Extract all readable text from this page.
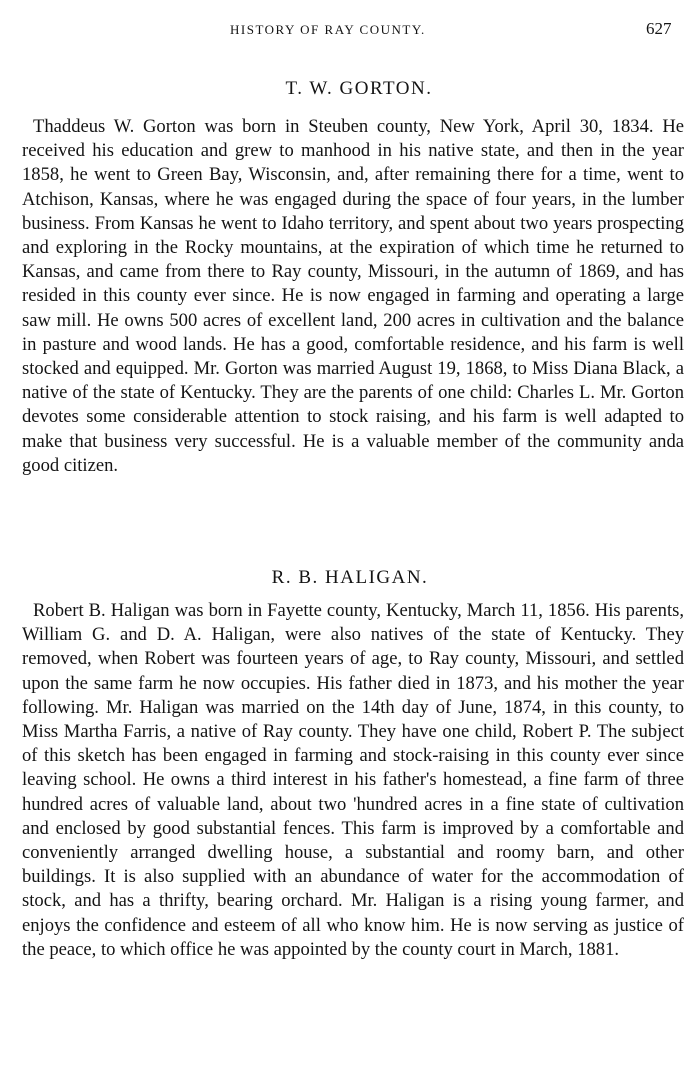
HISTORY OF RAY COUNTY.	627
T. W. GORTON.

Thaddeus W. Gorton was born in Steuben county, New York, April 30, 1834. He received his education and grew to manhood in his native state, and then in the year 1858, he went to Green Bay, Wisconsin, and, after remaining there for a time, went to Atchison, Kansas, where he was engaged during the space of four years, in the lumber business. From Kansas he went to Idaho territory, and spent about two years prospecting and exploring in the Rocky mountains, at the expiration of which time he returned to Kansas, and came from there to Ray county, Missouri, in the autumn of 1869, and has resided in this county ever since. He is now engaged in farming and operating a large saw mill. He owns 500 acres of excellent land, 200 acres in cultivation and the balance in pasture and wood lands. He has a good, comfortable residence, and his farm is well stocked and equipped. Mr. Gorton was married August 19, 1868, to Miss Diana Black, a native of the state of Kentucky. They are the parents of one child: Charles L. Mr. Gorton devotes some considerable attention to stock raising, and his farm is well adapted to make that business very successful. He is a valuable member of the community anda good citizen.

R. B. HALIGAN.

Robert B. Haligan was born in Fayette county, Kentucky, March 11, 1856. His parents, William G. and D. A. Haligan, were also natives of the state of Kentucky. They removed, when Robert was fourteen years of age, to Ray county, Missouri, and settled upon the same farm he now occupies. His father died in 1873, and his mother the year following. Mr. Haligan was married on the 14th day of June, 1874, in this county, to Miss Martha Farris, a native of Ray county. They have one child, Robert P. The subject of this sketch has been engaged in farming and stock-raising in this county ever since leaving school. He owns a third interest in his father's homestead, a fine farm of three hundred acres of valuable land, about two 'hundred acres in a fine state of cultivation and enclosed by good substantial fences. This farm is improved by a comfortable and conveniently arranged dwelling house, a substantial and roomy barn, and other buildings. It is also supplied with an abundance of water for the accommodation of stock, and has a thrifty, bearing orchard. Mr. Haligan is a rising young farmer, and enjoys the confidence and esteem of all who know him. He is now serving as justice of the peace, to which office he was appointed by the county court in March, 1881.
